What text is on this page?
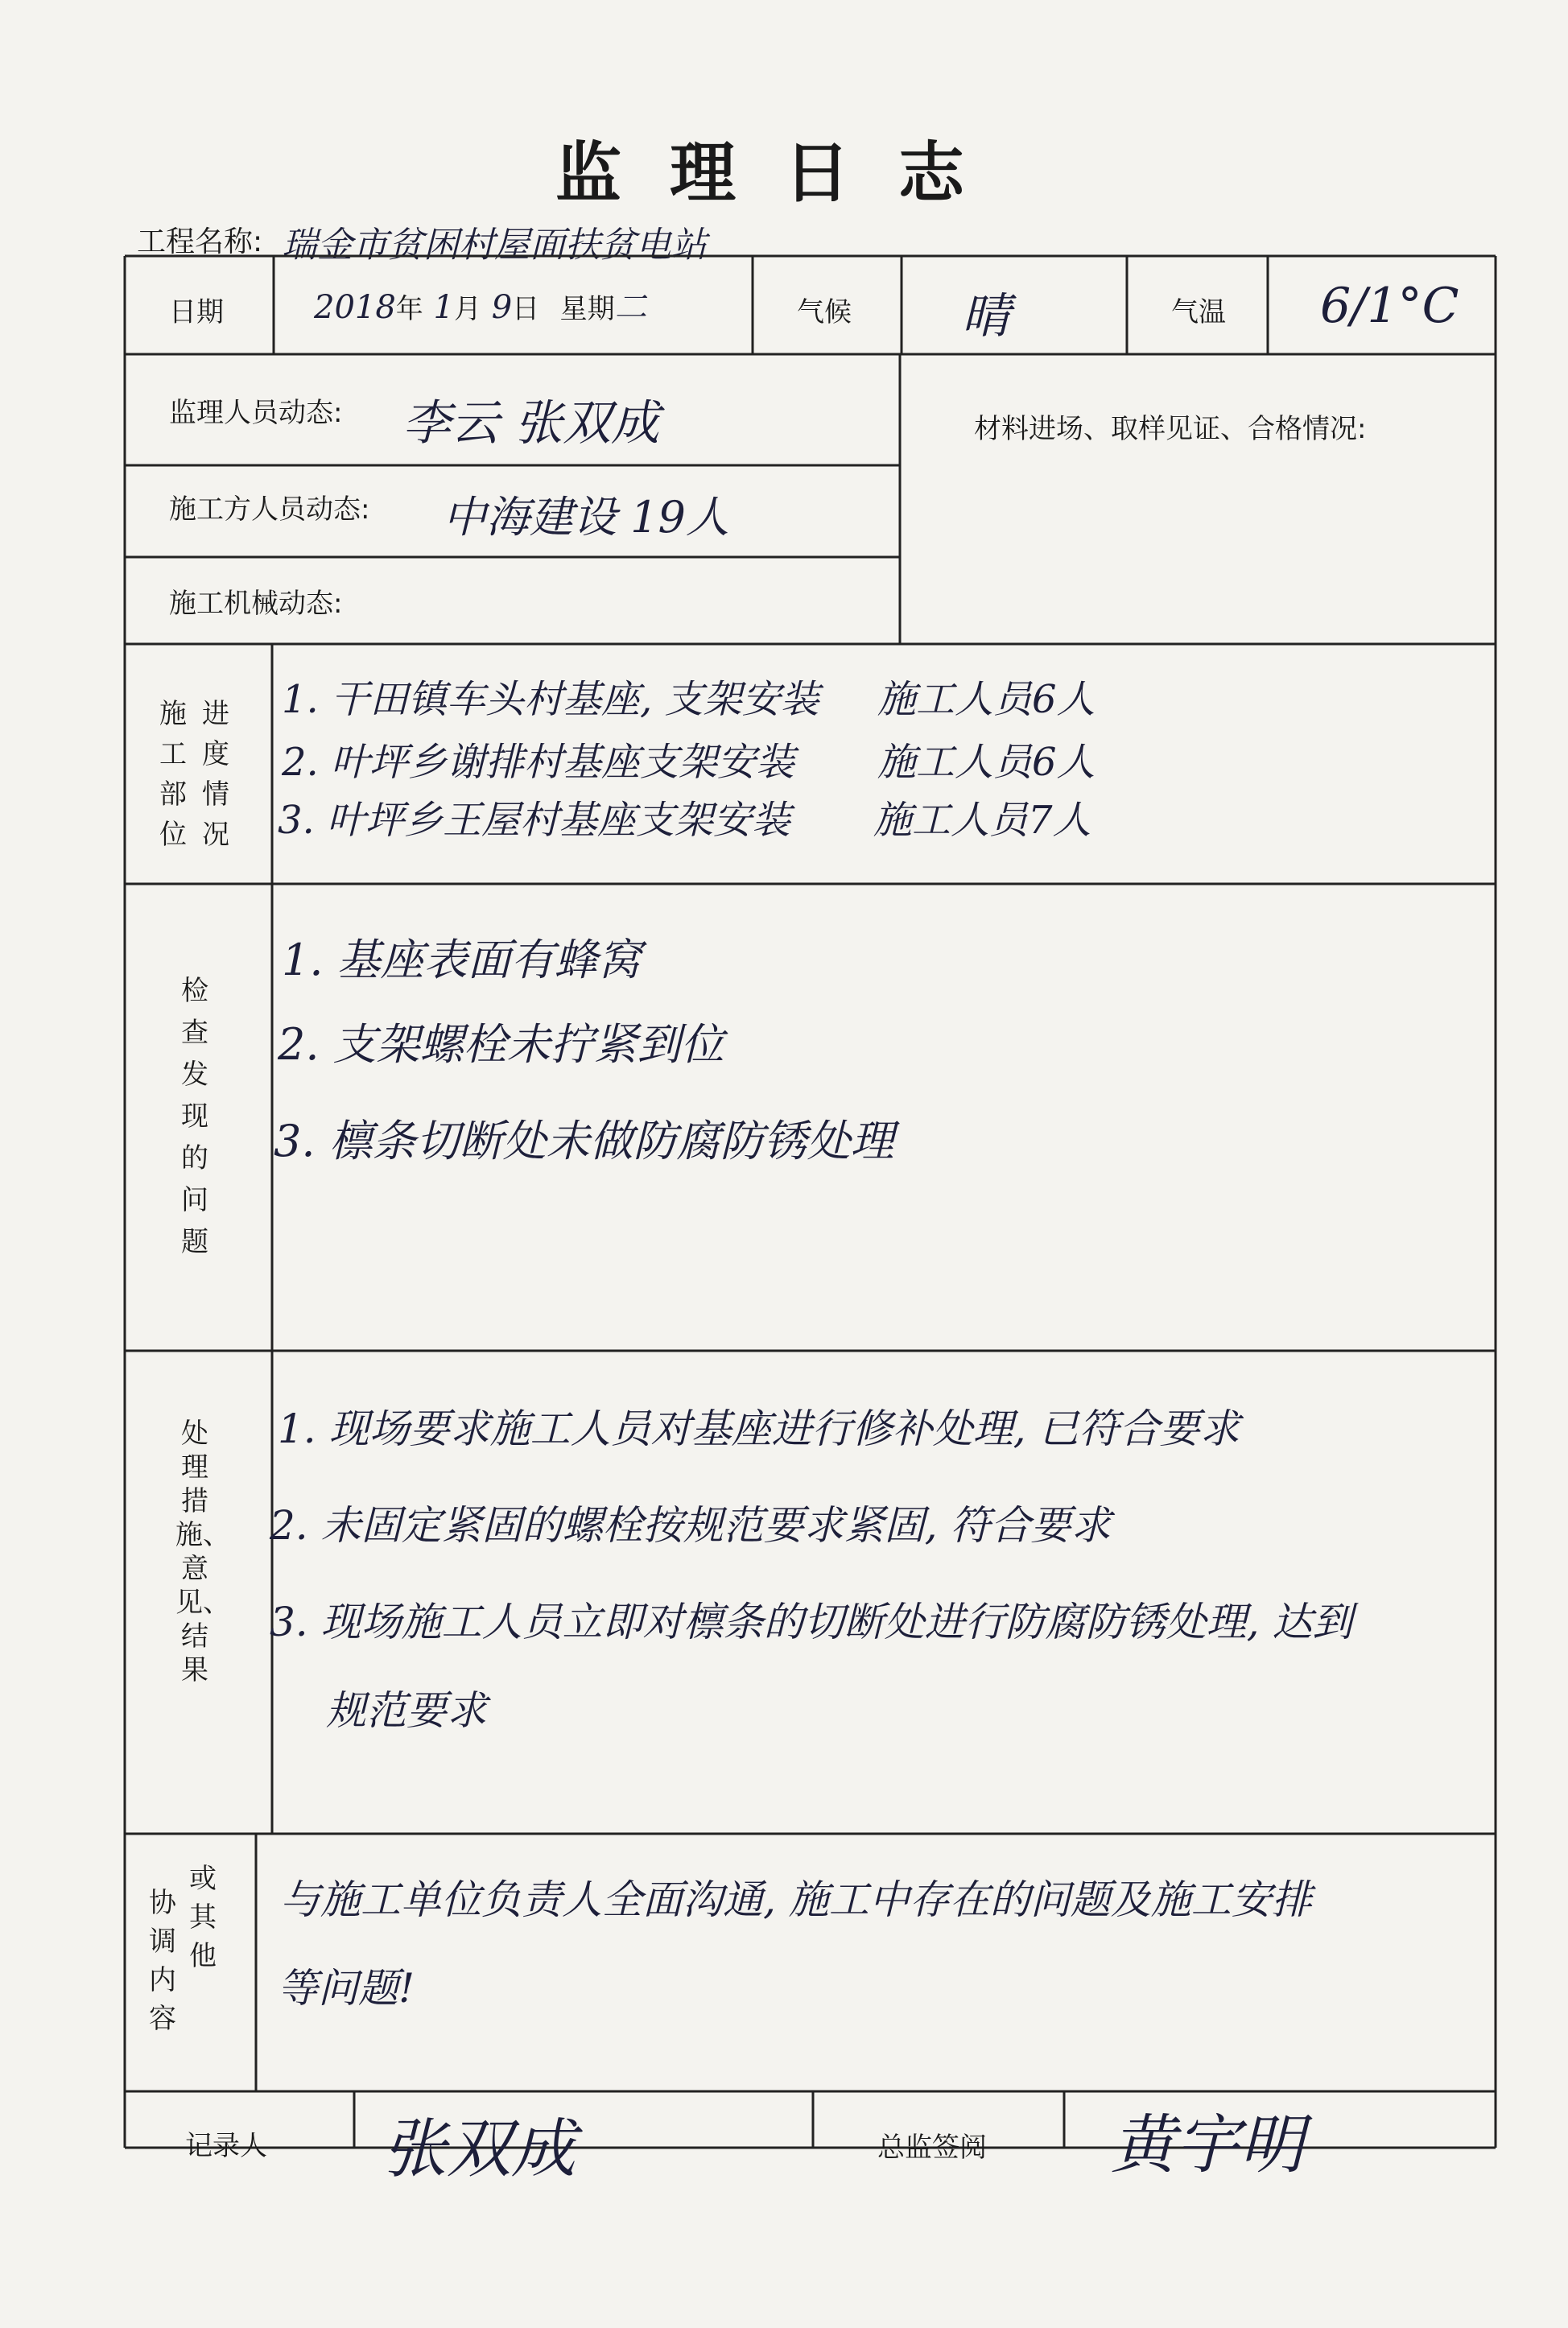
监理日志
工程名称: 瑞金市贫困村屋面扶贫电站
日期	2018年 1月 9日 星期二	气候 晴	气温 6/1°C
监理人员动态: 李云 张双成
施工方人员动态: 中海建设 19人
施工机械动态:
材料进场、取样见证、合格情况:
施工部位
进度情况
1. 干田镇车头村基座, 支架安装 施工人员6人
2. 叶坪乡谢排村基座支架安装 施工人员6人
3. 叶坪乡王屋村基座支架安装 施工人员7人
检查发现的问题
1. 基座表面有蜂窝
2. 支架螺栓未拧紧到位
3. 檩条切断处未做防腐防锈处理
处理措施、意见、结果
1. 现场要求施工人员对基座进行修补处理, 已符合要求
2. 未固定紧固的螺栓按规范要求紧固, 符合要求
3. 现场施工人员立即对檩条的切断处进行防腐防锈处理, 达到
规范要求
协调内容
或其他
与施工单位负责人全面沟通, 施工中存在的问题及施工安排
等问题!
记录人 张双成	总监签阅 黄宇明
